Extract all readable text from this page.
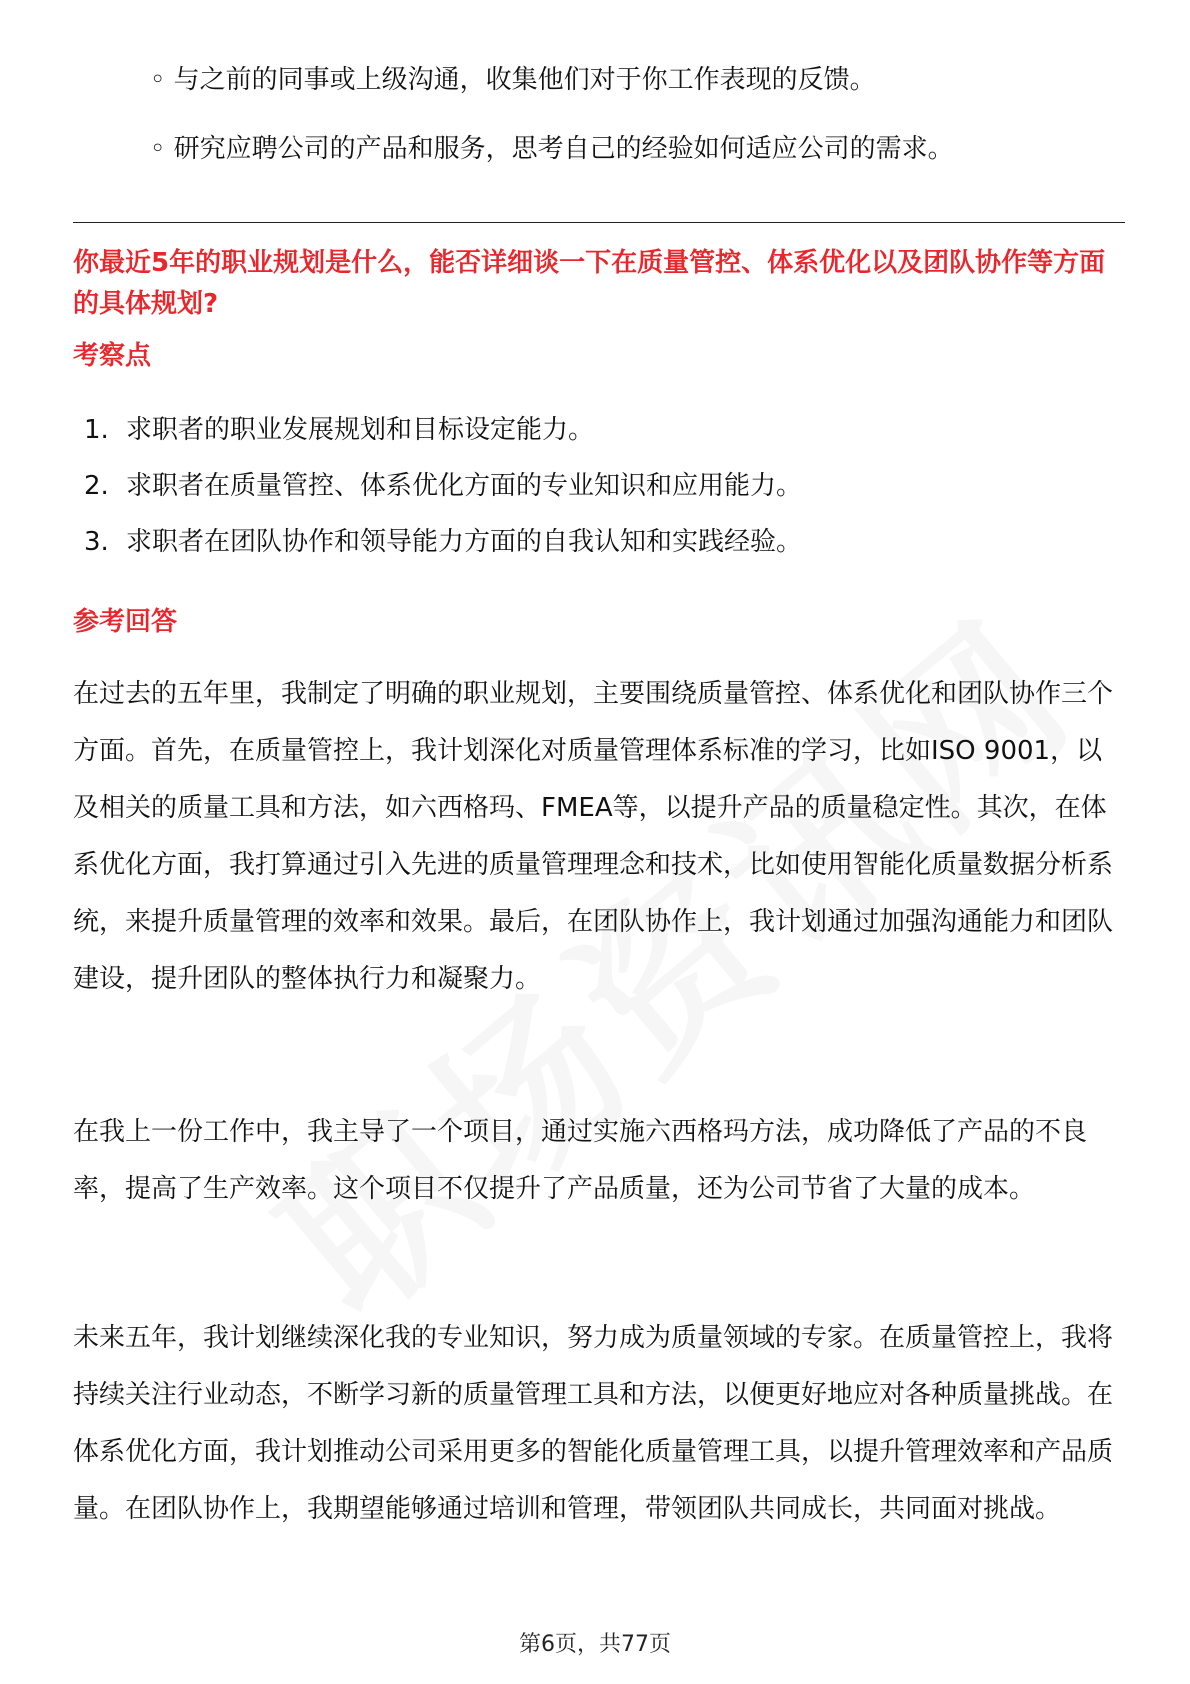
◦ 与之前的同事或上级沟通，收集他们对于你工作表现的反馈。
◦ 研究应聘公司的产品和服务，思考自己的经验如何适应公司的需求。
你最近5年的职业规划是什么，能否详细谈一下在质量管控、体系优化以及团队协作等方面的具体规划?
考察点
1. 求职者的职业发展规划和目标设定能力。
2. 求职者在质量管控、体系优化方面的专业知识和应用能力。
3. 求职者在团队协作和领导能力方面的自我认知和实践经验。
参考回答

在过去的五年里，我制定了明确的职业规划，主要围绕质量管控、体系优化和团队协作三个方面。首先，在质量管控上，我计划深化对质量管理体系标准的学习，比如ISO 9001，以及相关的质量工具和方法，如六西格玛、FMEA等，以提升产品的质量稳定性。其次，在体系优化方面，我打算通过引入先进的质量管理理念和技术，比如使用智能化质量数据分析系统，来提升质量管理的效率和效果。最后，在团队协作上，我计划通过加强沟通能力和团队建设，提升团队的整体执行力和凝聚力。

在我上一份工作中，我主导了一个项目，通过实施六西格玛方法，成功降低了产品的不良率，提高了生产效率。这个项目不仅提升了产品质量，还为公司节省了大量的成本。

未来五年，我计划继续深化我的专业知识，努力成为质量领域的专家。在质量管控上，我将持续关注行业动态，不断学习新的质量管理工具和方法，以便更好地应对各种质量挑战。在体系优化方面，我计划推动公司采用更多的智能化质量管理工具，以提升管理效率和产品质量。在团队协作上，我期望能够通过培训和管理，带领团队共同成长，共同面对挑战。

第6页，共77页
